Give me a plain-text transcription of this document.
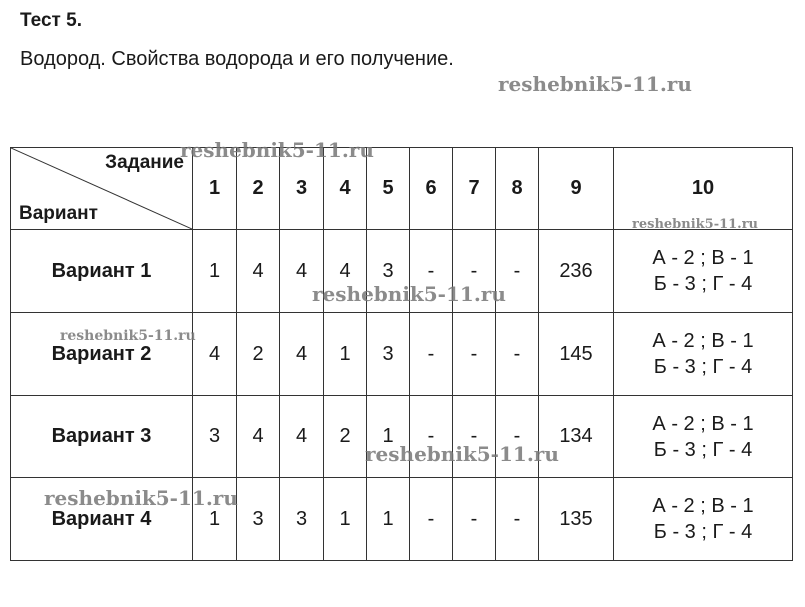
Тест 5.
Водород. Свойства водорода и его получение.
Задание
Вариант	1	2	3	4	5	6	7	8	9	10
Вариант 1	1	4	4	4	3	-	-	-	236	А - 2 ; В - 1
Б - 3 ; Г - 4

Вариант 2	4	2	4	1	3	-	-	-	145	А - 2 ; В - 1
Б - 3 ; Г - 4

Вариант 3	3	4	4	2	1	-	-	-	134	А - 2 ; В - 1
Б - 3 ; Г - 4

Вариант 4	1	3	3	1	1	-	-	-	135	А - 2 ; В - 1
Б - 3 ; Г - 4
reshebnik5-11.ru
reshebnik5-11.ru
reshebnik5-11.ru
reshebnik5-11.ru
reshebnik5-11.ru
reshebnik5-11.ru
reshebnik5-11.ru
